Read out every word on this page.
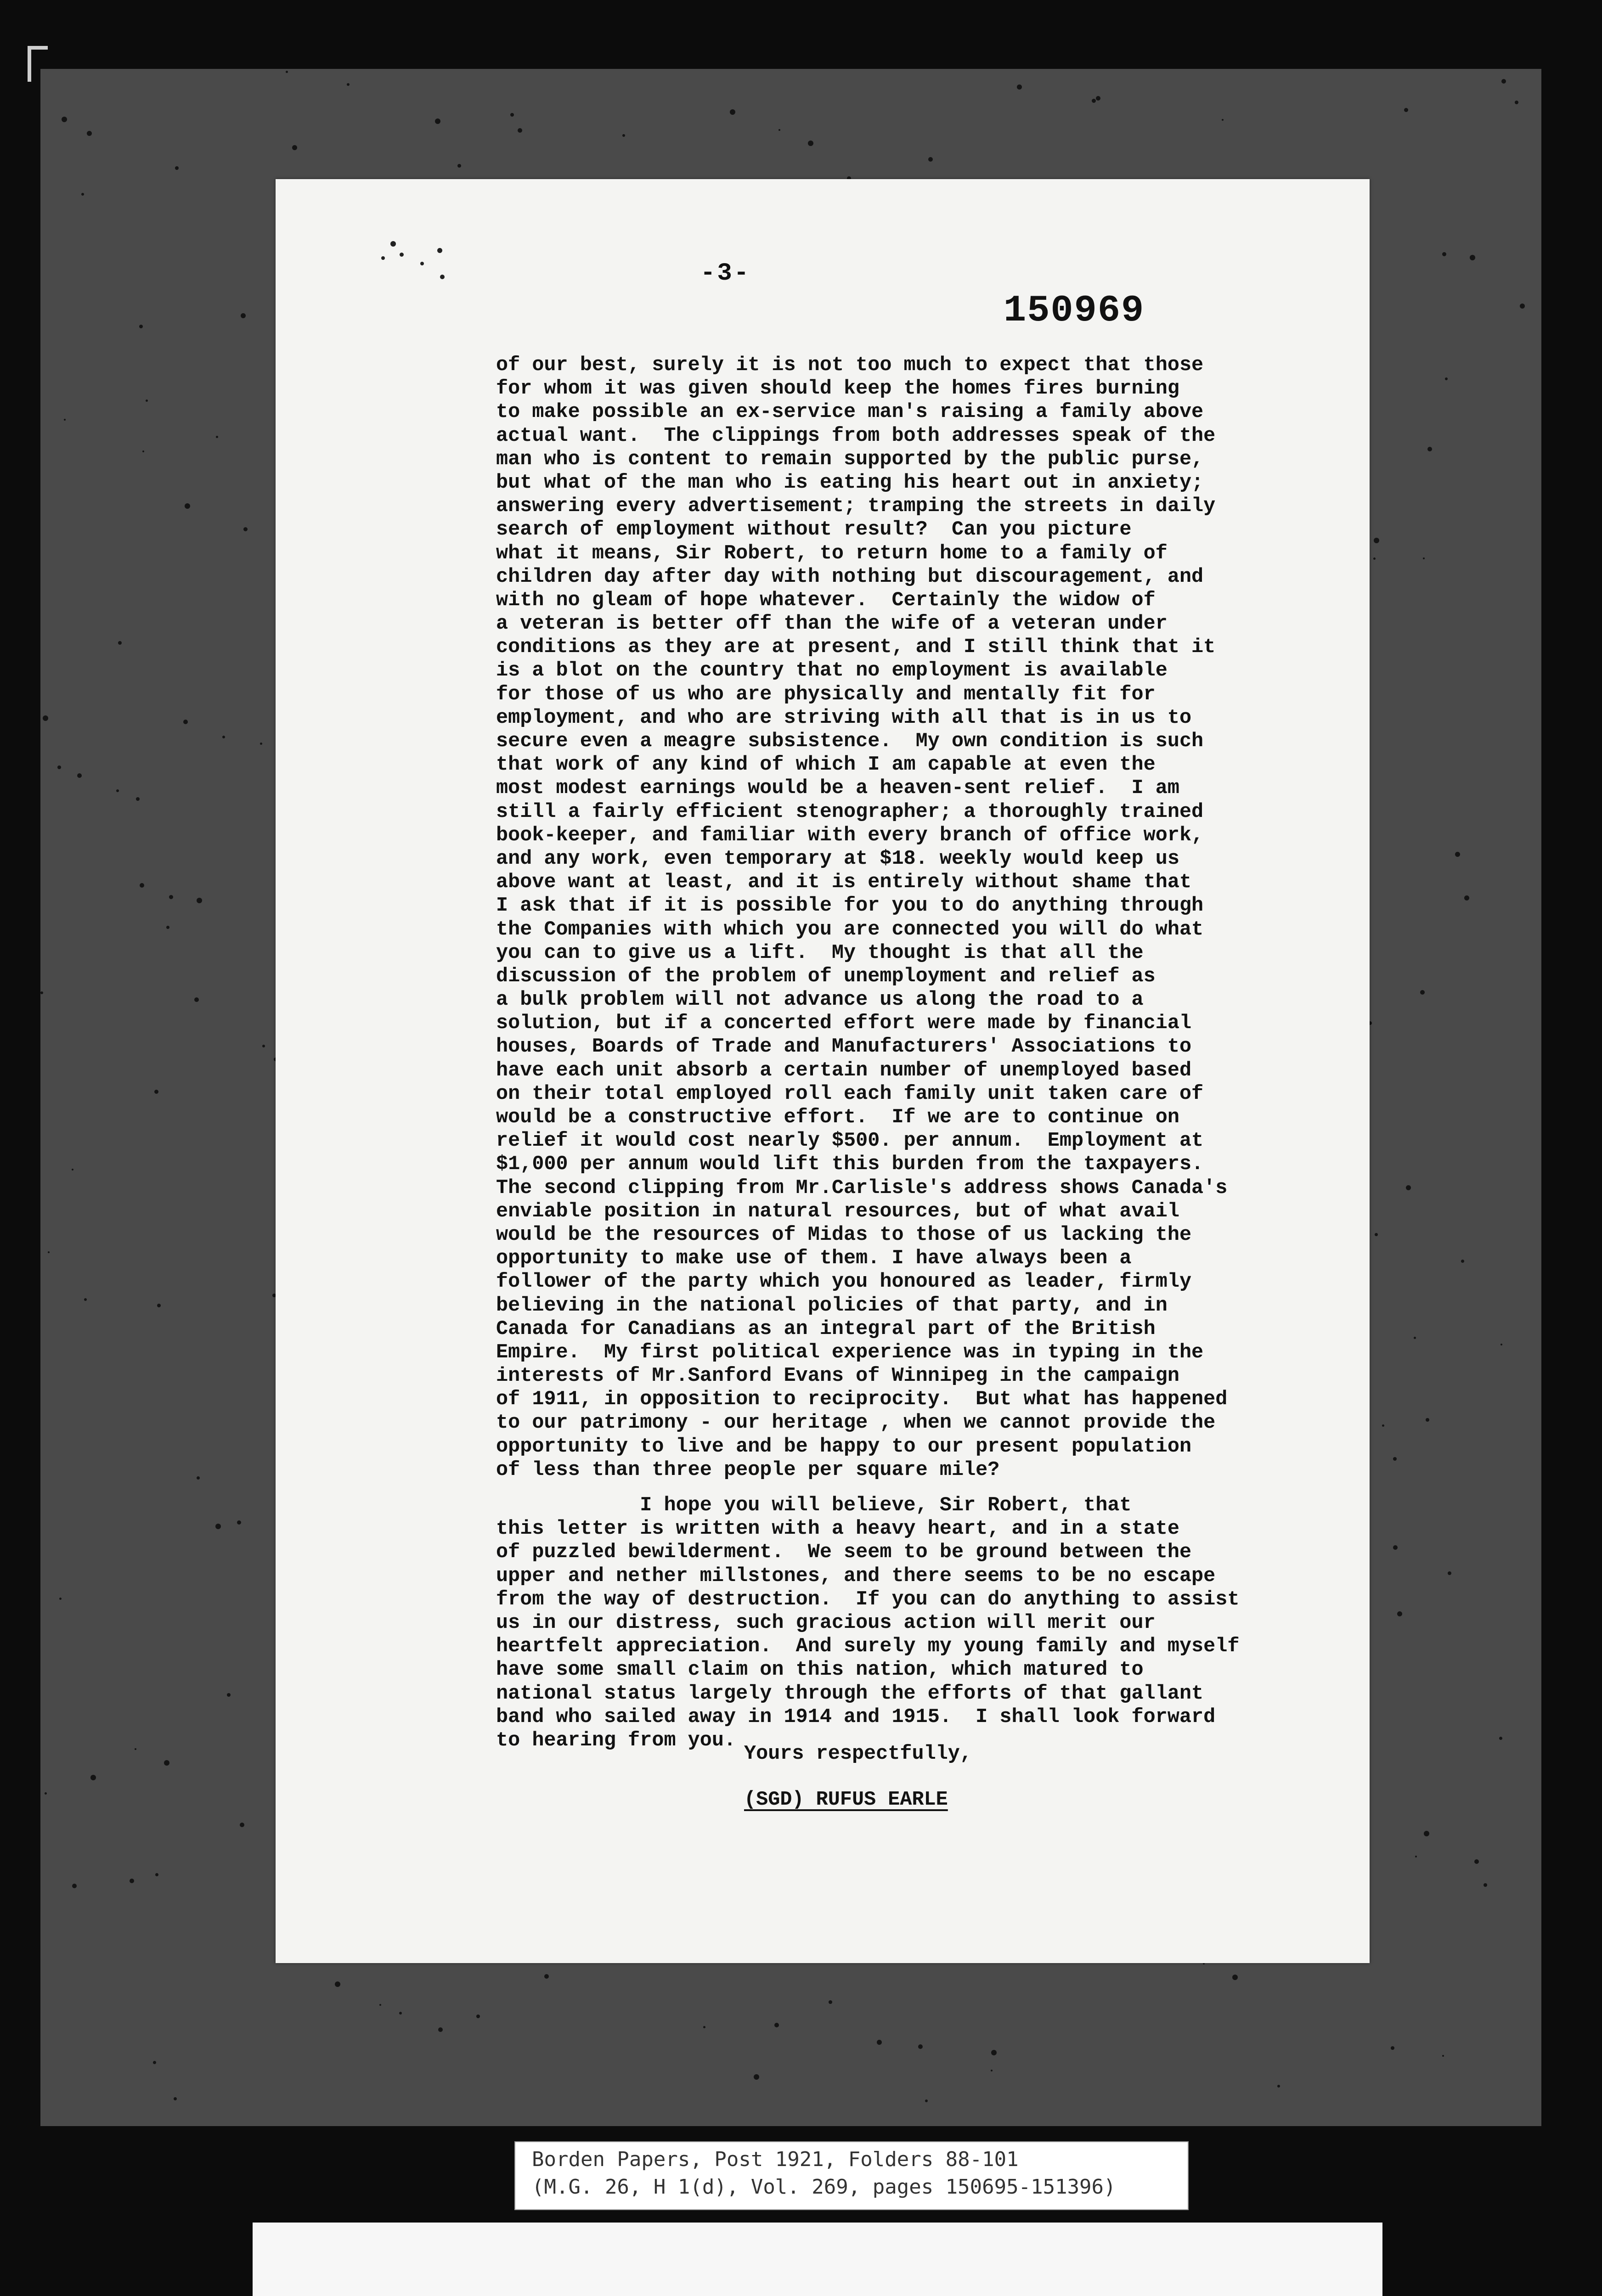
-3-
150969
of our best, surely it is not too much to expect that those
for whom it was given should keep the homes fires burning
to make possible an ex-service man's raising a family above
actual want.  The clippings from both addresses speak of the
man who is content to remain supported by the public purse,
but what of the man who is eating his heart out in anxiety;
answering every advertisement; tramping the streets in daily
search of employment without result?  Can you picture
what it means, Sir Robert, to return home to a family of
children day after day with nothing but discouragement, and
with no gleam of hope whatever.  Certainly the widow of
a veteran is better off than the wife of a veteran under
conditions as they are at present, and I still think that it
is a blot on the country that no employment is available
for those of us who are physically and mentally fit for
employment, and who are striving with all that is in us to
secure even a meagre subsistence.  My own condition is such
that work of any kind of which I am capable at even the
most modest earnings would be a heaven-sent relief.  I am
still a fairly efficient stenographer; a thoroughly trained
book-keeper, and familiar with every branch of office work,
and any work, even temporary at $18. weekly would keep us
above want at least, and it is entirely without shame that
I ask that if it is possible for you to do anything through
the Companies with which you are connected you will do what
you can to give us a lift.  My thought is that all the
discussion of the problem of unemployment and relief as
a bulk problem will not advance us along the road to a
solution, but if a concerted effort were made by financial
houses, Boards of Trade and Manufacturers' Associations to
have each unit absorb a certain number of unemployed based
on their total employed roll each family unit taken care of
would be a constructive effort.  If we are to continue on
relief it would cost nearly $500. per annum.  Employment at
$1,000 per annum would lift this burden from the taxpayers.
The second clipping from Mr.Carlisle's address shows Canada's
enviable position in natural resources, but of what avail
would be the resources of Midas to those of us lacking the
opportunity to make use of them. I have always been a
follower of the party which you honoured as leader, firmly
believing in the national policies of that party, and in
Canada for Canadians as an integral part of the British
Empire.  My first political experience was in typing in the
interests of Mr.Sanford Evans of Winnipeg in the campaign
of 1911, in opposition to reciprocity.  But what has happened
to our patrimony - our heritage , when we cannot provide the
opportunity to live and be happy to our present population
of less than three people per square mile?
I hope you will believe, Sir Robert, that
this letter is written with a heavy heart, and in a state
of puzzled bewilderment.  We seem to be ground between the
upper and nether millstones, and there seems to be no escape
from the way of destruction.  If you can do anything to assist
us in our distress, such gracious action will merit our
heartfelt appreciation.  And surely my young family and myself
have some small claim on this nation, which matured to
national status largely through the efforts of that gallant
band who sailed away in 1914 and 1915.  I shall look forward
to hearing from you.
Yours respectfully,
(SGD) RUFUS EARLE
Borden Papers, Post 1921, Folders 88-101
(M.G. 26, H 1(d), Vol. 269, pages 150695-151396)
